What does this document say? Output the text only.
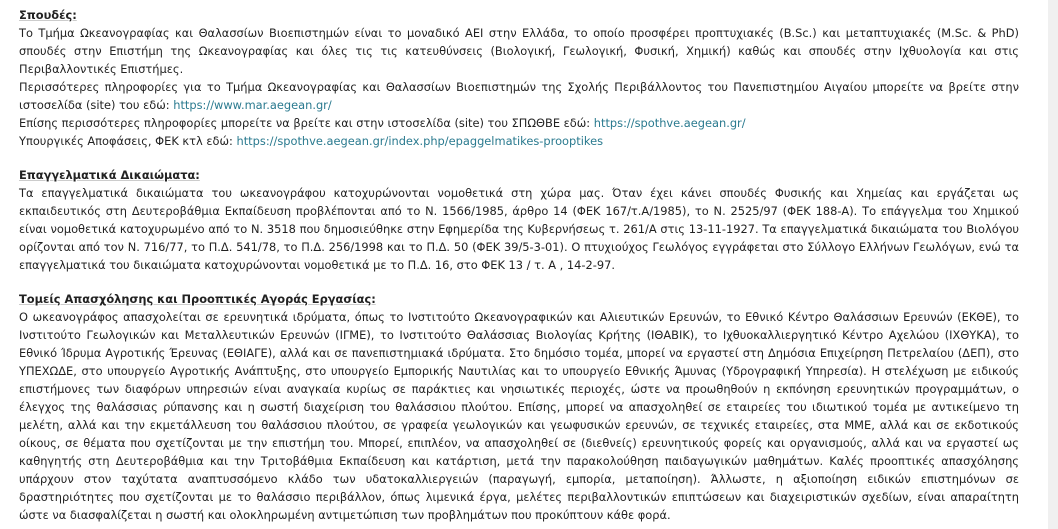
Σπουδές:

Το Τμήμα Ωκεανογραφίας και Θαλασσίων Βιοεπιστημών είναι το μοναδικό ΑΕΙ στην Ελλάδα, το οποίο προσφέρει προπτυχιακές (B.Sc.) και μεταπτυχιακές (M.Sc. & PhD) σπουδές στην Επιστήμη της Ωκεανογραφίας και όλες τις τις κατευθύνσεις (Βιολογική, Γεωλογική, Φυσική, Χημική) καθώς και σπουδές στην Ιχθυολογία και στις Περιβαλλοντικές Επιστήμες.

Περισσότερες πληροφορίες για το Τμήμα Ωκεανογραφίας και Θαλασσίων Βιοεπιστημών της Σχολής Περιβάλλοντος του Πανεπιστημίου Αιγαίου μπορείτε να βρείτε στην ιστοσελίδα (site) του εδώ: https://www.mar.aegean.gr/

Επίσης περισσότερες πληροφορίες μπορείτε να βρείτε και στην ιστοσελίδα (site) του ΣΠΩΘΒΕ εδώ: https://spothve.aegean.gr/

Υπουργικές Αποφάσεις, ΦΕΚ κτλ εδώ: https://spothve.aegean.gr/index.php/epaggelmatikes-prooptikes

Επαγγελματικά Δικαιώματα:

Τα επαγγελματικά δικαιώματα του ωκεανογράφου κατοχυρώνονται νομοθετικά στη χώρα μας. Όταν έχει κάνει σπουδές Φυσικής και Χημείας και εργάζεται ως εκπαιδευτικός στη Δευτεροβάθμια Εκπαίδευση προβλέπονται από το Ν. 1566/1985, άρθρο 14 (ΦΕΚ 167/τ.Α/1985), το Ν. 2525/97 (ΦΕΚ 188-Α). Το επάγγελμα του Χημικού είναι νομοθετικά κατοχυρωμένο από το Ν. 3518 που δημοσιεύθηκε στην Εφημερίδα της Κυβερνήσεως τ. 261/Α στις 13-11-1927. Τα επαγγελματικά δικαιώματα του Βιολόγου ορίζονται από τον Ν. 716/77, το Π.Δ. 541/78, το Π.Δ. 256/1998 και το Π.Δ. 50 (ΦΕΚ 39/5-3-01). Ο πτυχιούχος Γεωλόγος εγγράφεται στο Σύλλογο Ελλήνων Γεωλόγων, ενώ τα επαγγελματικά του δικαιώματα κατοχυρώνονται νομοθετικά με το Π.Δ. 16, στο ΦΕΚ 13 / τ. Α , 14-2-97.

Τομείς Απασχόλησης και Προοπτικές Αγοράς Εργασίας:

Ο ωκεανογράφος απασχολείται σε ερευνητικά ιδρύματα, όπως το Ινστιτούτο Ωκεανογραφικών και Αλιευτικών Ερευνών, το Εθνικό Κέντρο Θαλάσσιων Ερευνών (ΕΚΘΕ), το Ινστιτούτο Γεωλογικών και Μεταλλευτικών Ερευνών (ΙΓΜΕ), το Ινστιτούτο Θαλάσσιας Βιολογίας Κρήτης (ΙΘΑΒΙΚ), το Ιχθυοκαλλιεργητικό Κέντρο Αχελώου (ΙΧΘΥΚΑ), το Εθνικό Ίδρυμα Αγροτικής Έρευνας (ΕΘΙΑΓΕ), αλλά και σε πανεπιστημιακά ιδρύματα. Στο δημόσιο τομέα, μπορεί να εργαστεί στη Δημόσια Επιχείρηση Πετρελαίου (ΔΕΠ), στο ΥΠΕΧΩΔΕ, στο υπουργείο Αγροτικής Ανάπτυξης, στο υπουργείο Εμπορικής Ναυτιλίας και το υπουργείο Εθνικής Άμυνας (Υδρογραφική Υπηρεσία). Η στελέχωση με ειδικούς επιστήμονες των διαφόρων υπηρεσιών είναι αναγκαία κυρίως σε παράκτιες και νησιωτικές περιοχές, ώστε να προωθηθούν η εκπόνηση ερευνητικών προγραμμάτων, ο έλεγχος της θαλάσσιας ρύπανσης και η σωστή διαχείριση του θαλάσσιου πλούτου. Επίσης, μπορεί να απασχοληθεί σε εταιρείες του ιδιωτικού τομέα με αντικείμενο τη μελέτη, αλλά και την εκμετάλλευση του θαλάσσιου πλούτου, σε γραφεία γεωλογικών και γεωφυσικών ερευνών, σε τεχνικές εταιρείες, στα ΜΜΕ, αλλά και σε εκδοτικούς οίκους, σε θέματα που σχετίζονται με την επιστήμη του. Μπορεί, επιπλέον, να απασχοληθεί σε (διεθνείς) ερευνητικούς φορείς και οργανισμούς, αλλά και να εργαστεί ως καθηγητής στη Δευτεροβάθμια και την Τριτοβάθμια Εκπαίδευση και κατάρτιση, μετά την παρακολούθηση παιδαγωγικών μαθημάτων. Καλές προοπτικές απασχόλησης υπάρχουν στον ταχύτατα αναπτυσσόμενο κλάδο των υδατοκαλλιεργειών (παραγωγή, εμπορία, μεταποίηση). Άλλωστε, η αξιοποίηση ειδικών επιστημόνων σε δραστηριότητες που σχετίζονται με το θαλάσσιο περιβάλλον, όπως λιμενικά έργα, μελέτες περιβαλλοντικών επιπτώσεων και διαχειριστικών σχεδίων, είναι απαραίτητη ώστε να διασφαλίζεται η σωστή και ολοκληρωμένη αντιμετώπιση των προβλημάτων που προκύπτουν κάθε φορά.
